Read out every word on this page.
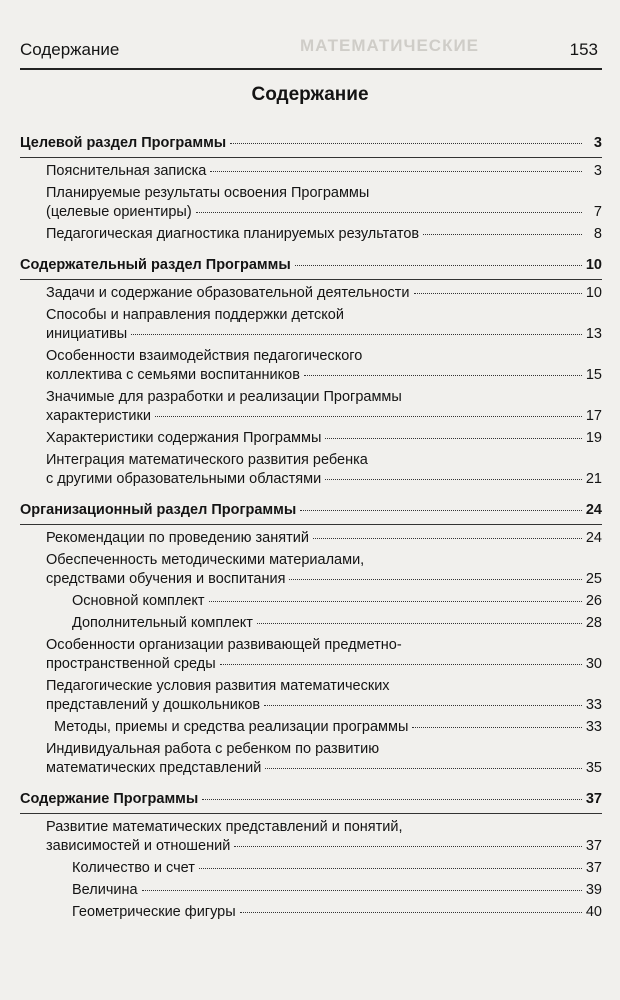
МАТЕМАТИЧЕСКИЕ
Содержание	153
Содержание
Целевой раздел Программы	3
Пояснительная записка	3
Планируемые результаты освоения Программы
(целевые ориентиры)	7
Педагогическая диагностика планируемых результатов	8
Содержательный раздел Программы	10
Задачи и содержание образовательной деятельности	10
Способы и направления поддержки детской
инициативы	13
Особенности взаимодействия педагогического
коллектива с семьями воспитанников	15
Значимые для разработки и реализации Программы
характеристики	17
Характеристики содержания Программы	19
Интеграция математического развития ребенка
с другими образовательными областями	21
Организационный раздел Программы	24
Рекомендации по проведению занятий	24
Обеспеченность методическими материалами,
средствами обучения и воспитания	25
Основной комплект	26
Дополнительный комплект	28
Особенности организации развивающей предметно-
пространственной среды	30
Педагогические условия развития математических
представлений у дошкольников	33
Методы, приемы и средства реализации программы	33
Индивидуальная работа с ребенком по развитию
математических представлений	35
Содержание Программы	37
Развитие математических представлений и понятий,
зависимостей и отношений	37
Количество и счет	37
Величина	39
Геометрические фигуры	40
